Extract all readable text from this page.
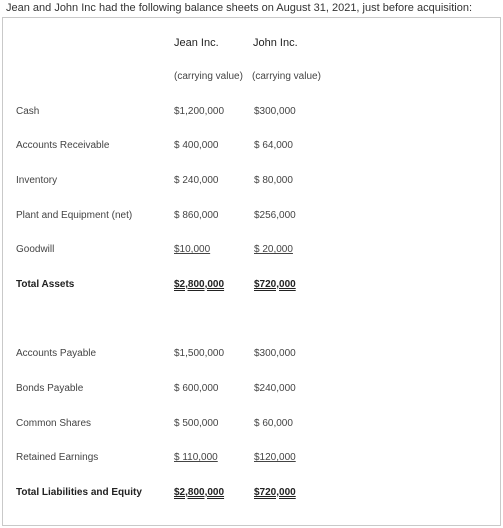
Jean and John Inc had the following balance sheets on August 31, 2021, just before acquisition:
Jean Inc.	John Inc.
(carrying value) (carrying value)
Cash	$1,200,000	$300,000
Accounts Receivable	$ 400,000	$ 64,000
Inventory	$ 240,000	$ 80,000
Plant and Equipment (net)	$ 860,000	$256,000
Goodwill	$10,000	$ 20,000
Total Assets	$2,800,000	$720,000
Accounts Payable	$1,500,000	$300,000
Bonds Payable	$ 600,000	$240,000
Common Shares	$ 500,000	$ 60,000
Retained Earnings	$ 110,000	$120,000
Total Liabilities and Equity	$2,800,000	$720,000
